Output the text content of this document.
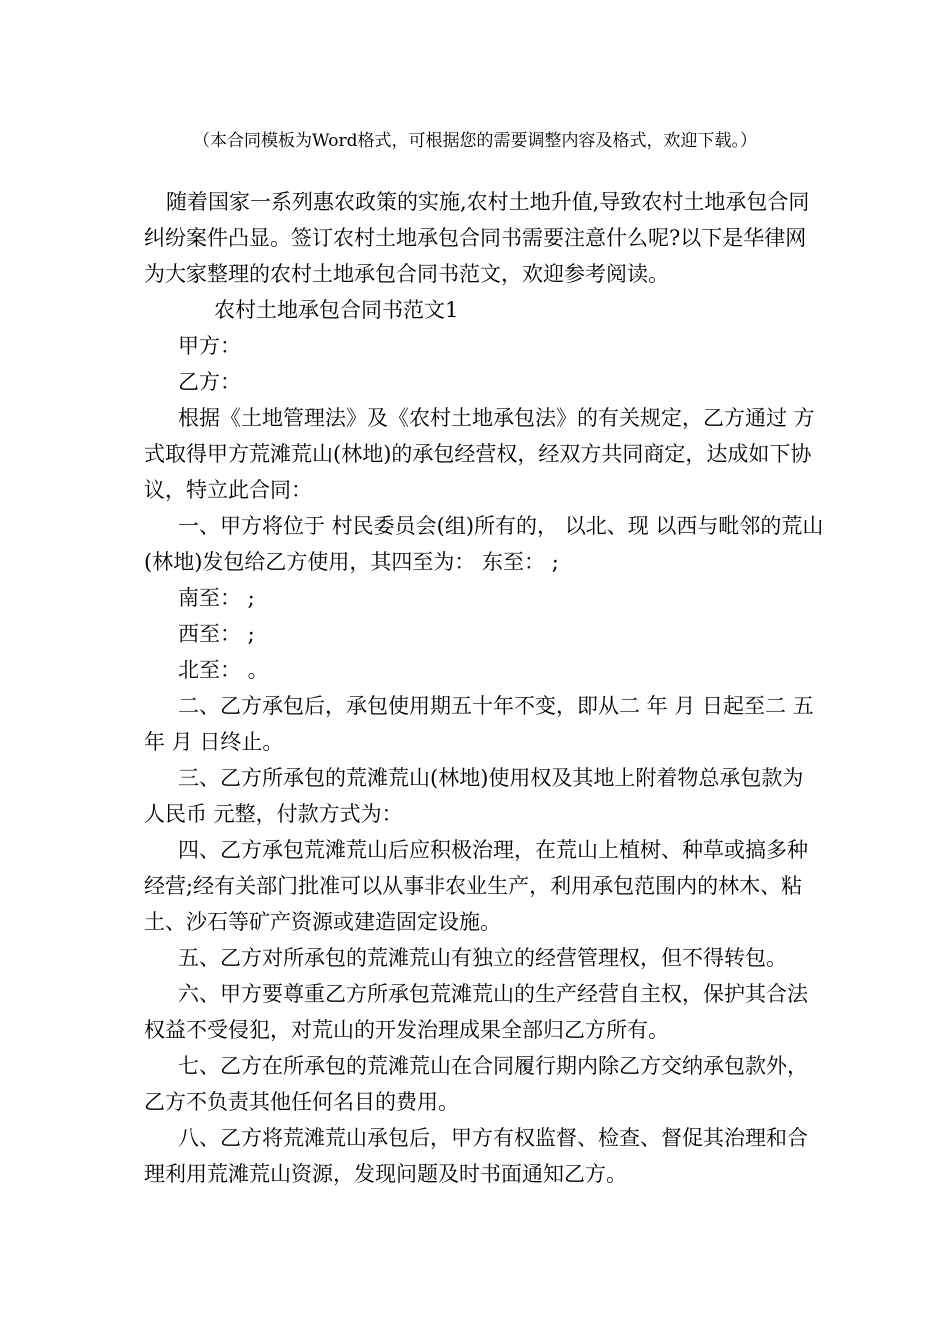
（本合同模板为Word格式，可根据您的需要调整内容及格式，欢迎下载。）

随着国家一系列惠农政策的实施,农村土地升值,导致农村土地承包合同纠纷案件凸显。签订农村土地承包合同书需要注意什么呢?以下是华律网为大家整理的农村土地承包合同书范文，欢迎参考阅读。

农村土地承包合同书范文1

甲方：

乙方：

根据《土地管理法》及《农村土地承包法》的有关规定，乙方通过 方式取得甲方荒滩荒山(林地)的承包经营权，经双方共同商定，达成如下协议，特立此合同：

一、甲方将位于 村民委员会(组)所有的， 以北、现 以西与毗邻的荒山(林地)发包给乙方使用，其四至为： 东至： ;

南至： ;

西至： ;

北至： 。

二、乙方承包后，承包使用期五十年不变，即从二 年 月 日起至二 五 年 月 日终止。

三、乙方所承包的荒滩荒山(林地)使用权及其地上附着物总承包款为人民币 元整，付款方式为：

四、乙方承包荒滩荒山后应积极治理，在荒山上植树、种草或搞多种经营;经有关部门批准可以从事非农业生产，利用承包范围内的林木、粘土、沙石等矿产资源或建造固定设施。

五、乙方对所承包的荒滩荒山有独立的经营管理权，但不得转包。

六、甲方要尊重乙方所承包荒滩荒山的生产经营自主权，保护其合法权益不受侵犯，对荒山的开发治理成果全部归乙方所有。

七、乙方在所承包的荒滩荒山在合同履行期内除乙方交纳承包款外，乙方不负责其他任何名目的费用。

八、乙方将荒滩荒山承包后，甲方有权监督、检查、督促其治理和合理利用荒滩荒山资源，发现问题及时书面通知乙方。
